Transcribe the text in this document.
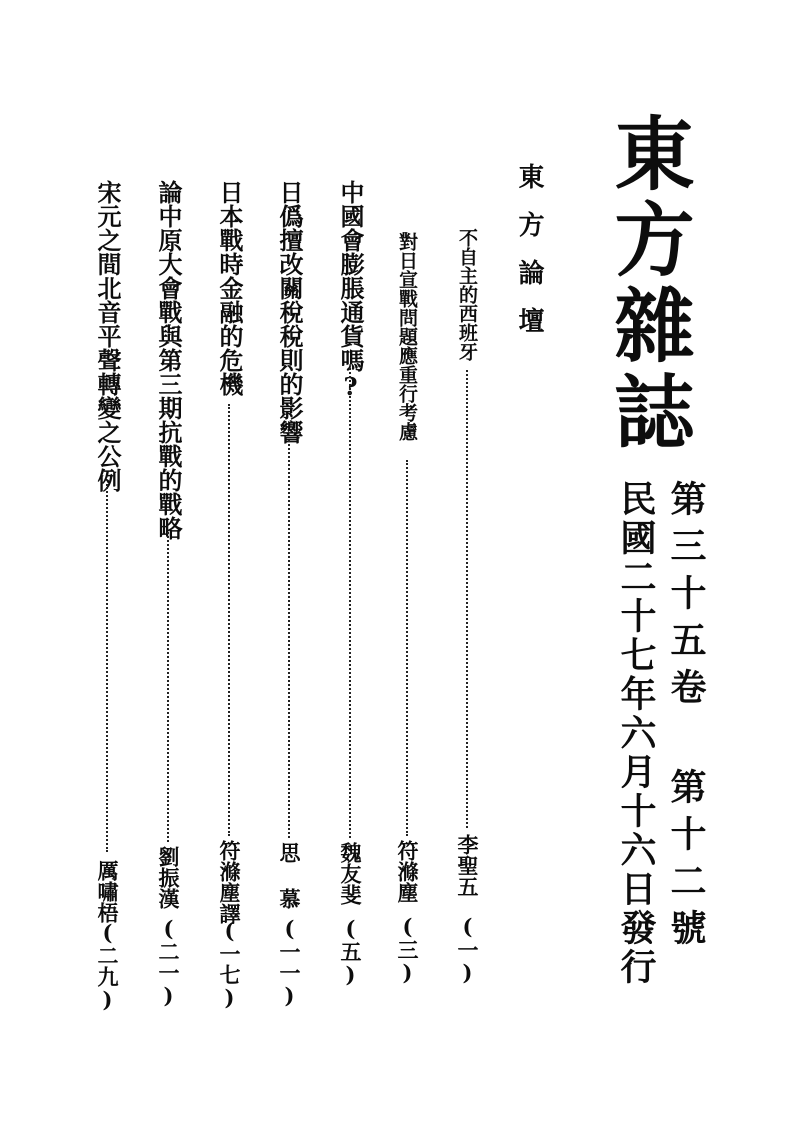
東方雜誌
第三十五卷 第十二號
民國二十七年六月十六日發行
東方論壇
不自主的西班牙
李聖五
(一)
對日宣戰問題應重行考慮
符滌塵
(三)
中國會膨脹通貨嗎?
魏友斐
(五)
日僞擅改關稅稅則的影響
思 慕
(一一)
日本戰時金融的危機
符滌塵譯
(一七)
論中原大會戰與第三期抗戰的戰略
劉振漢
(二一)
宋元之間北音平聲轉變之公例
厲嘯梧
(二九)
